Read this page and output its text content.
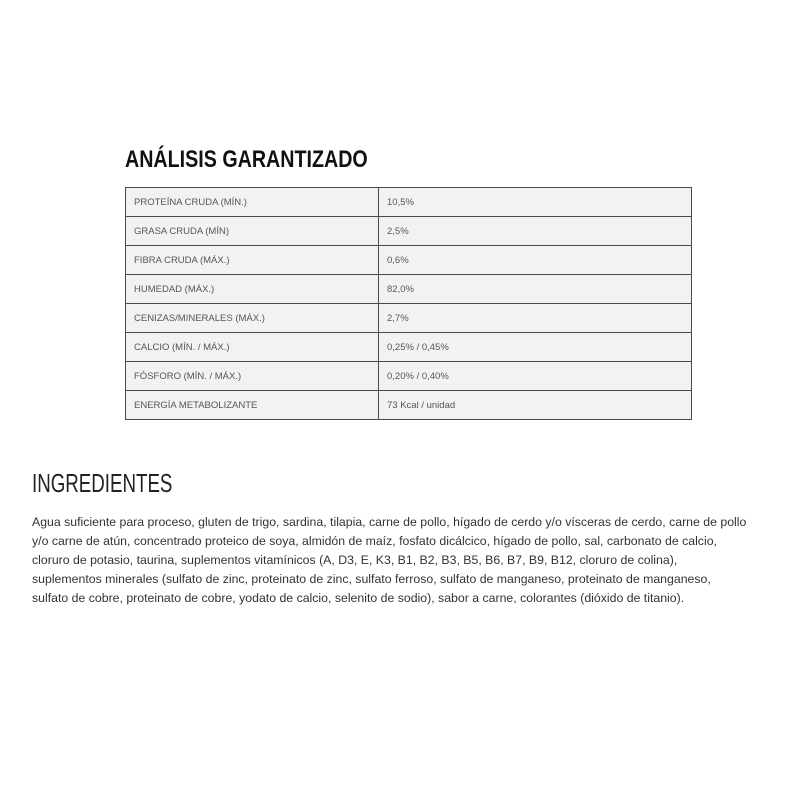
ANÁLISIS GARANTIZADO
PROTEÍNA CRUDA (MÍN.)	10,5%
GRASA CRUDA (MÍN)	2,5%
FIBRA CRUDA (MÁX.)	0,6%
HUMEDAD (MÁX.)	82,0%
CENIZAS/MINERALES (MÁX.)	2,7%
CALCIO (MÍN. / MÁX.)	0,25% / 0,45%
FÓSFORO (MÍN. / MÁX.)	0,20% / 0,40%
ENERGÍA METABOLIZANTE	73 Kcal / unidad
INGREDIENTES
Agua suficiente para proceso, gluten de trigo, sardina, tilapia, carne de pollo, hígado de cerdo y/o vísceras de cerdo, carne de pollo
y/o carne de atún, concentrado proteico de soya, almidón de maíz, fosfato dicálcico, hígado de pollo, sal, carbonato de calcio,
cloruro de potasio, taurina, suplementos vitamínicos (A, D3, E, K3, B1, B2, B3, B5, B6, B7, B9, B12, cloruro de colina),
suplementos minerales (sulfato de zinc, proteinato de zinc, sulfato ferroso, sulfato de manganeso, proteinato de manganeso,
sulfato de cobre, proteinato de cobre, yodato de calcio, selenito de sodio), sabor a carne, colorantes (dióxido de titanio).
